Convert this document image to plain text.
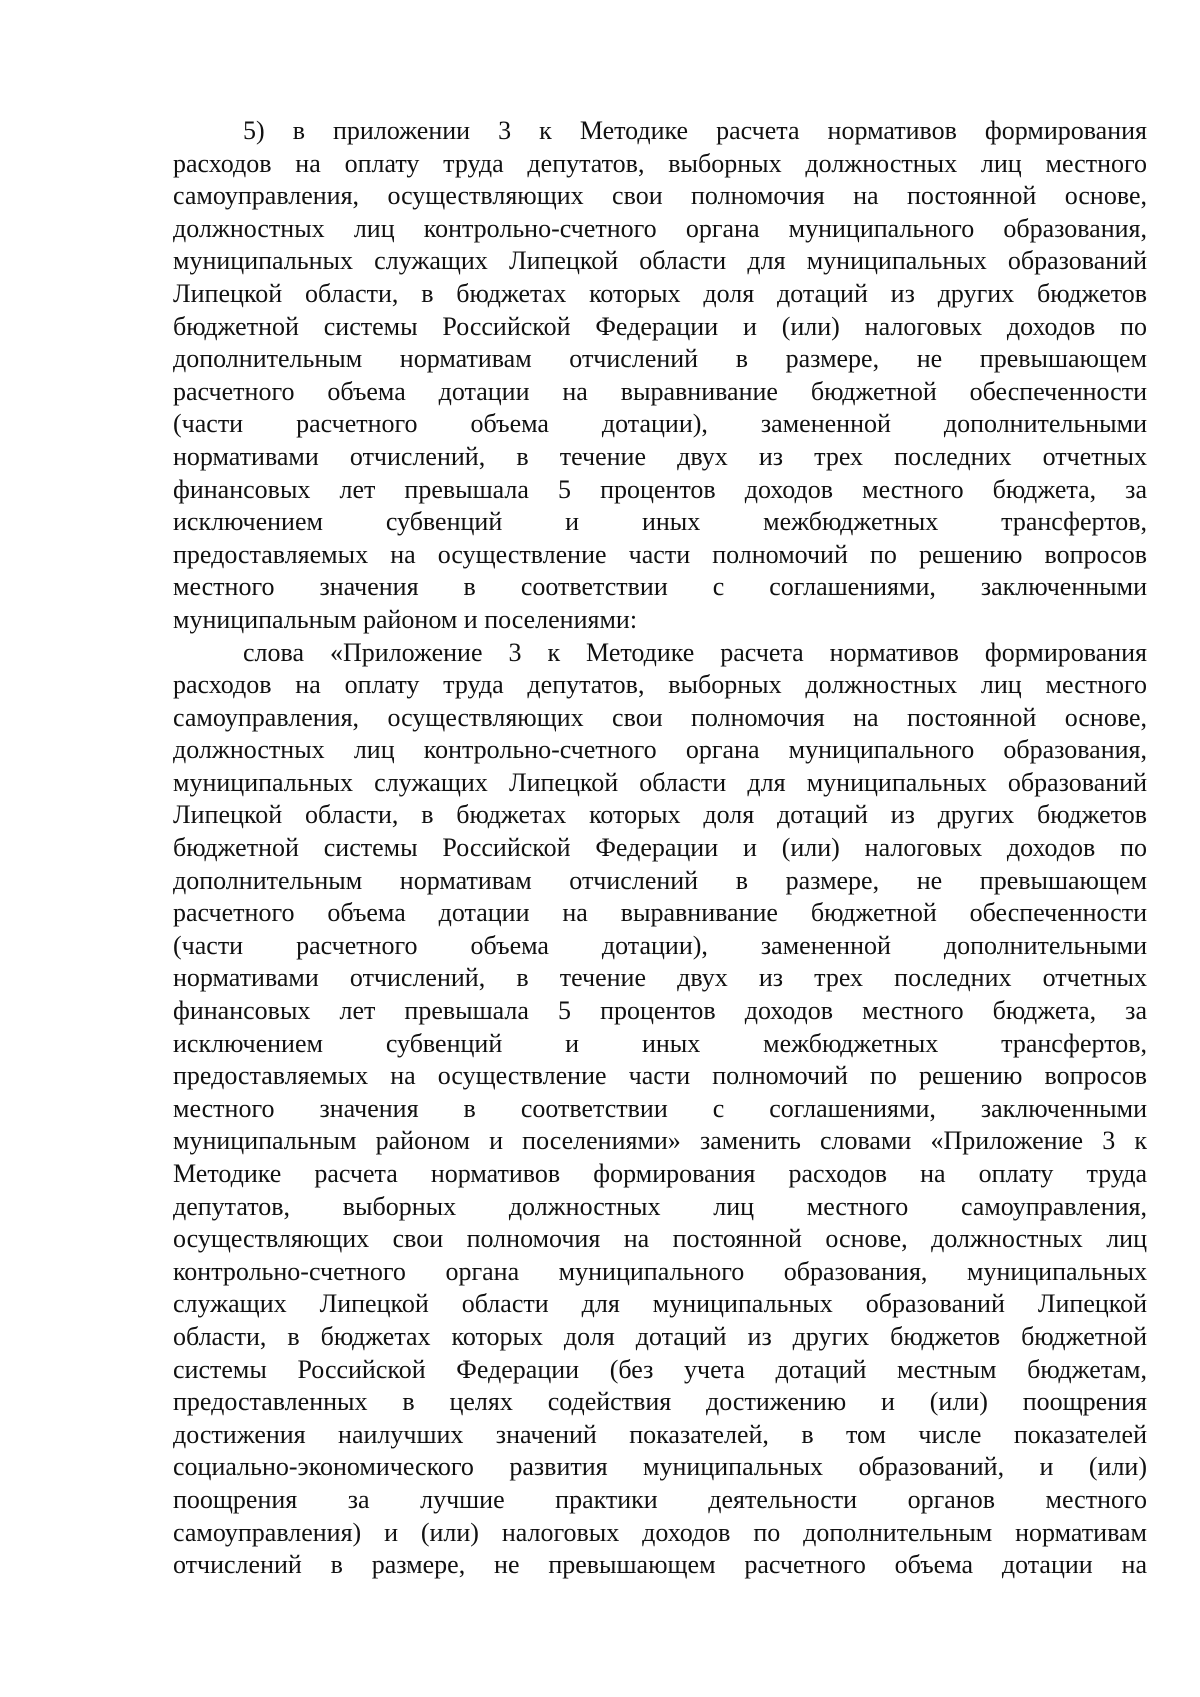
5) в приложении 3 к Методике расчета нормативов формирования
расходов на оплату труда депутатов, выборных должностных лиц местного
самоуправления, осуществляющих свои полномочия на постоянной основе,
должностных лиц контрольно-счетного органа муниципального образования,
муниципальных служащих Липецкой области для муниципальных образований
Липецкой области, в бюджетах которых доля дотаций из других бюджетов
бюджетной системы Российской Федерации и (или) налоговых доходов по
дополнительным нормативам отчислений в размере, не превышающем
расчетного объема дотации на выравнивание бюджетной обеспеченности
(части расчетного объема дотации), замененной дополнительными
нормативами отчислений, в течение двух из трех последних отчетных
финансовых лет превышала 5 процентов доходов местного бюджета, за
исключением субвенций и иных межбюджетных трансфертов,
предоставляемых на осуществление части полномочий по решению вопросов
местного значения в соответствии с соглашениями, заключенными
муниципальным районом и поселениями:
слова «Приложение 3 к Методике расчета нормативов формирования
расходов на оплату труда депутатов, выборных должностных лиц местного
самоуправления, осуществляющих свои полномочия на постоянной основе,
должностных лиц контрольно-счетного органа муниципального образования,
муниципальных служащих Липецкой области для муниципальных образований
Липецкой области, в бюджетах которых доля дотаций из других бюджетов
бюджетной системы Российской Федерации и (или) налоговых доходов по
дополнительным нормативам отчислений в размере, не превышающем
расчетного объема дотации на выравнивание бюджетной обеспеченности
(части расчетного объема дотации), замененной дополнительными
нормативами отчислений, в течение двух из трех последних отчетных
финансовых лет превышала 5 процентов доходов местного бюджета, за
исключением субвенций и иных межбюджетных трансфертов,
предоставляемых на осуществление части полномочий по решению вопросов
местного значения в соответствии с соглашениями, заключенными
муниципальным районом и поселениями» заменить словами «Приложение 3 к
Методике расчета нормативов формирования расходов на оплату труда
депутатов, выборных должностных лиц местного самоуправления,
осуществляющих свои полномочия на постоянной основе, должностных лиц
контрольно-счетного органа муниципального образования, муниципальных
служащих Липецкой области для муниципальных образований Липецкой
области, в бюджетах которых доля дотаций из других бюджетов бюджетной
системы Российской Федерации (без учета дотаций местным бюджетам,
предоставленных в целях содействия достижению и (или) поощрения
достижения наилучших значений показателей, в том числе показателей
социально-экономического развития муниципальных образований, и (или)
поощрения за лучшие практики деятельности органов местного
самоуправления) и (или) налоговых доходов по дополнительным нормативам
отчислений в размере, не превышающем расчетного объема дотации на
